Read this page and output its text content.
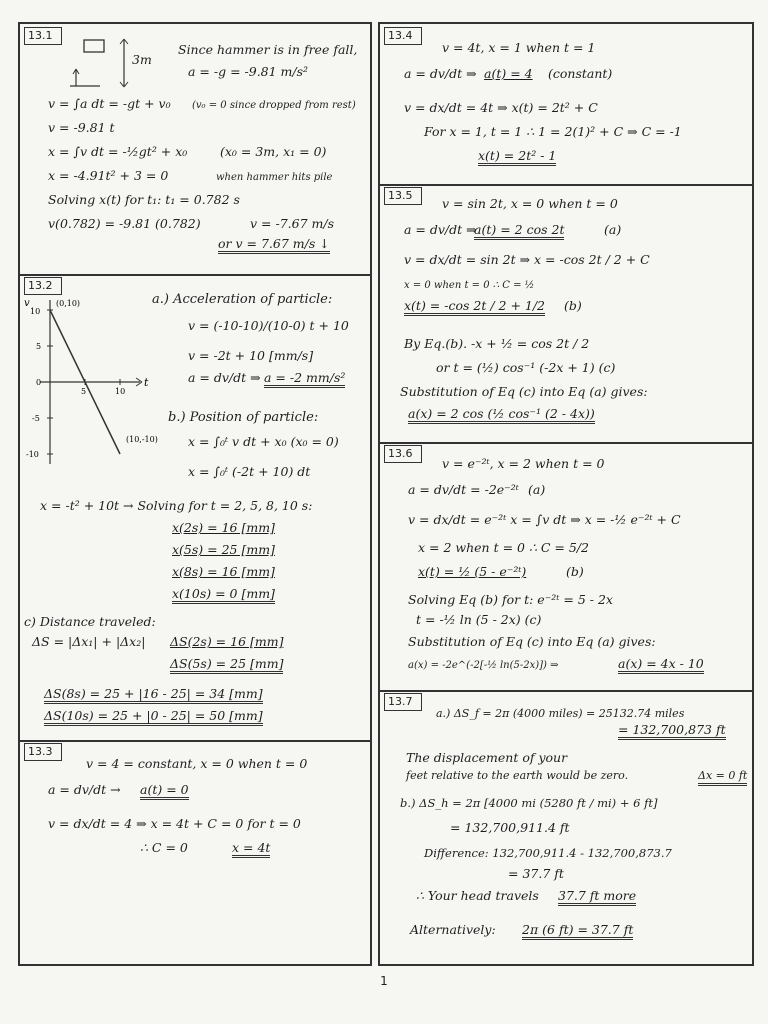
13.1
3m
Since hammer is in free fall,
a = -g = -9.81 m/s²
v = ∫a dt = -gt + v₀ (v₀ = 0 since dropped from rest)
v = -9.81 t
x = ∫v dt = -½gt² + x₀	(x₀ = 3m, x₁ = 0)
x = -4.91t² + 3 = 0	when hammer hits pile
Solving x(t) for t₁: t₁ = 0.782 s
v(0.782) = -9.81 (0.782)	v = -7.67 m/s
or v = 7.67 m/s ↓
13.2
v
t
10
5
0
-5
-10
5	10
(0,10)
(10,-10)
a.) Acceleration of particle:
v = (-10-10)/(10-0) t + 10
v = -2t + 10 [mm/s]
a = dv/dt ⇒ a = -2 mm/s²
b.) Position of particle:
x = ∫₀ᵗ v dt + x₀ (x₀ = 0)
x = ∫₀ᵗ (-2t + 10) dt
x = -t² + 10t → Solving for t = 2, 5, 8, 10 s:
x(2s) = 16 [mm]
x(5s) = 25 [mm]
x(8s) = 16 [mm]
x(10s) = 0 [mm]
c) Distance traveled:
ΔS = |Δx₁| + |Δx₂| ΔS(2s) = 16 [mm]
ΔS(5s) = 25 [mm]
ΔS(8s) = 25 + |16 - 25| = 34 [mm]
ΔS(10s) = 25 + |0 - 25| = 50 [mm]
13.3
v = 4 = constant, x = 0 when t = 0
a = dv/dt → a(t) = 0
v = dx/dt = 4 ⇒ x = 4t + C = 0 for t = 0
∴ C = 0	x = 4t
13.4
v = 4t, x = 1 when t = 1
a = dv/dt ⇒ a(t) = 4 (constant)
v = dx/dt = 4t ⇒ x(t) = 2t² + C
For x = 1, t = 1 ∴ 1 = 2(1)² + C ⇒ C = -1
x(t) = 2t² - 1
13.5
v = sin 2t, x = 0 when t = 0
a = dv/dt ⇒
a(t) = 2 cos 2t	(a)
v = dx/dt = sin 2t ⇒ x = -cos 2t / 2 + C
x = 0 when t = 0 ∴ C = ½
x(t) = -cos 2t / 2 + 1/2 (b)
By Eq.(b). -x + ½ = cos 2t / 2
or t = (½) cos⁻¹ (-2x + 1) (c)
Substitution of Eq (c) into Eq (a) gives:
a(x) = 2 cos (½ cos⁻¹ (2 - 4x))
13.6
v = e⁻²ᵗ, x = 2 when t = 0
a = dv/dt = -2e⁻²ᵗ (a)
v = dx/dt = e⁻²ᵗ x = ∫v dt ⇒ x = -½ e⁻²ᵗ + C
x = 2 when t = 0 ∴ C = 5/2
x(t) = ½ (5 - e⁻²ᵗ)	(b)
Solving Eq (b) for t: e⁻²ᵗ = 5 - 2x
t = -½ ln (5 - 2x) (c)
Substitution of Eq (c) into Eq (a) gives:
a(x) = -2e^(-2[-½ ln(5-2x)]) ⇒	a(x) = 4x - 10
13.7
a.) ΔS_f = 2π (4000 miles) = 25132.74 miles
= 132,700,873 ft
The displacement of your
feet relative to the earth would be zero.	Δx = 0 ft
b.) ΔS_h = 2π [4000 mi (5280 ft / mi) + 6 ft]
= 132,700,911.4 ft
Difference: 132,700,911.4 - 132,700,873.7
= 37.7 ft
∴ Your head travels 37.7 ft more
Alternatively: 2π (6 ft) = 37.7 ft
1
